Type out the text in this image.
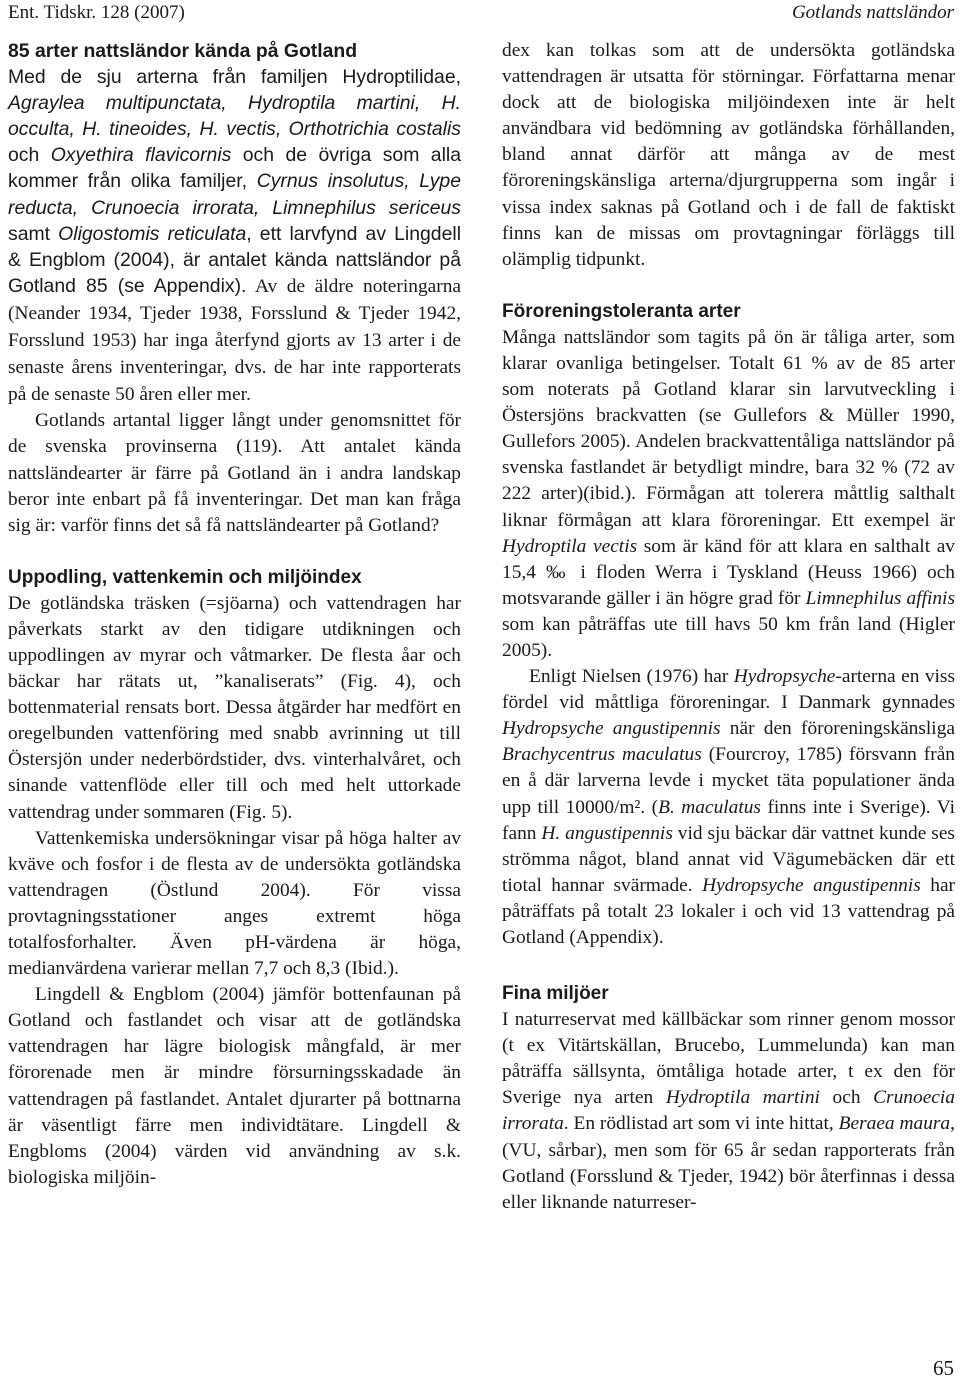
Ent. Tidskr. 128 (2007)	Gotlands nattsländor

85 arter nattsländor kända på Gotland
Med de sju arterna från familjen Hydroptilidae, Agraylea multipunctata, Hydroptila martini, H. occulta, H. tineoides, H. vectis, Orthotrichia costalis och Oxyethira flavicornis och de övriga som alla kommer från olika familjer, Cyrnus insolutus, Lype reducta, Crunoecia irrorata, Limnephilus sericeus samt Oligostomis reticulata, ett larvfynd av Lingdell & Engblom (2004), är antalet kända nattsländor på Gotland 85 (se Appendix). Av de äldre noteringarna (Neander 1934, Tjeder 1938, Forsslund & Tjeder 1942, Forsslund 1953) har inga återfynd gjorts av 13 arter i de senaste årens inventeringar, dvs. de har inte rapporterats på de senaste 50 åren eller mer.

Gotlands artantal ligger långt under genomsnittet för de svenska provinserna (119). Att antalet kända nattsländearter är färre på Gotland än i andra landskap beror inte enbart på få inventeringar. Det man kan fråga sig är: varför finns det så få nattsländearter på Gotland?

Uppodling, vattenkemin och miljöindex

De gotländska träsken (=sjöarna) och vattendragen har påverkats starkt av den tidigare utdikningen och uppodlingen av myrar och våtmarker. De flesta åar och bäckar har rätats ut, ”kanaliserats” (Fig. 4), och bottenmaterial rensats bort. Dessa åtgärder har medfört en oregelbunden vattenföring med snabb avrinning ut till Östersjön under nederbördstider, dvs. vinterhalvåret, och sinande vattenflöde eller till och med helt uttorkade vattendrag under sommaren (Fig. 5).

Vattenkemiska undersökningar visar på höga halter av kväve och fosfor i de flesta av de undersökta gotländska vattendragen (Östlund 2004). För vissa provtagningsstationer anges extremt höga totalfosforhalter. Även pH-värdena är höga, medianvärdena varierar mellan 7,7 och 8,3 (Ibid.).

Lingdell & Engblom (2004) jämför bottenfaunan på Gotland och fastlandet och visar att de gotländska vattendragen har lägre biologisk mångfald, är mer förorenade men är mindre försurningsskadade än vattendragen på fastlandet. Antalet djurarter på bottnarna är väsentligt färre men individtätare. Lingdell & Engbloms (2004) värden vid användning av s.k. biologiska miljöin-

dex kan tolkas som att de undersökta gotländska vattendragen är utsatta för störningar. Författarna menar dock att de biologiska miljöindexen inte är helt användbara vid bedömning av gotländska förhållanden, bland annat därför att många av de mest föroreningskänsliga arterna/djurgrupperna som ingår i vissa index saknas på Gotland och i de fall de faktiskt finns kan de missas om provtagningar förläggs till olämplig tidpunkt.

Föroreningstoleranta arter

Många nattsländor som tagits på ön är tåliga arter, som klarar ovanliga betingelser. Totalt 61 % av de 85 arter som noterats på Gotland klarar sin larvutveckling i Östersjöns brackvatten (se Gullefors & Müller 1990, Gullefors 2005). Andelen brackvattentåliga nattsländor på svenska fastlandet är betydligt mindre, bara 32 % (72 av 222 arter)(ibid.). Förmågan att tolerera måttlig salthalt liknar förmågan att klara föroreningar. Ett exempel är Hydroptila vectis som är känd för att klara en salthalt av 15,4 ‰ i floden Werra i Tyskland (Heuss 1966) och motsvarande gäller i än högre grad för Limnephilus affinis som kan påträffas ute till havs 50 km från land (Higler 2005).

Enligt Nielsen (1976) har Hydropsyche-arterna en viss fördel vid måttliga föroreningar. I Danmark gynnades Hydropsyche angustipennis när den föroreningskänsliga Brachycentrus maculatus (Fourcroy, 1785) försvann från en å där larverna levde i mycket täta populationer ända upp till 10000/m². (B. maculatus finns inte i Sverige). Vi fann H. angustipennis vid sju bäckar där vattnet kunde ses strömma något, bland annat vid Vägumebäcken där ett tiotal hannar svärmade. Hydropsyche angustipennis har påträffats på totalt 23 lokaler i och vid 13 vattendrag på Gotland (Appendix).

Fina miljöer

I naturreservat med källbäckar som rinner genom mossor (t ex Vitärtskällan, Brucebo, Lummelunda) kan man påträffa sällsynta, ömtåliga hotade arter, t ex den för Sverige nya arten Hydroptila martini och Crunoecia irrorata. En rödlistad art som vi inte hittat, Beraea maura, (VU, sårbar), men som för 65 år sedan rapporterats från Gotland (Forsslund & Tjeder, 1942) bör återfinnas i dessa eller liknande naturreser-

65
